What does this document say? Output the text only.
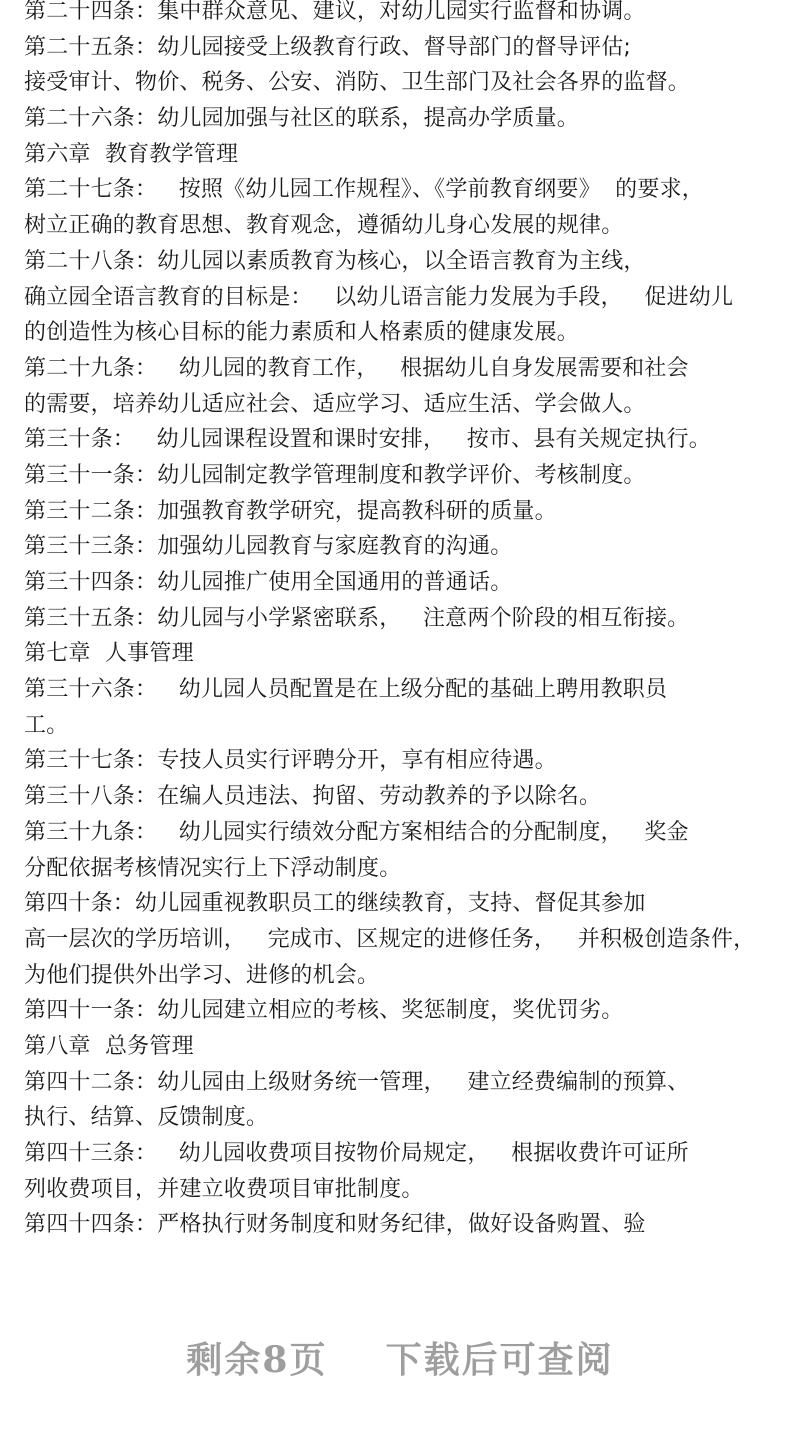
第二十四条：集中群众意见、建议，对幼儿园实行监督和协调。
第二十五条：幼儿园接受上级教育行政、督导部门的督导评估;
接受审计、物价、税务、公安、消防、卫生部门及社会各界的监督。
第二十六条：幼儿园加强与社区的联系，提高办学质量。
第六章  教育教学管理
第二十七条：   按照《幼儿园工作规程》、《学前教育纲要》  的要求，
树立正确的教育思想、教育观念，遵循幼儿身心发展的规律。
第二十八条：幼儿园以素质教育为核心，以全语言教育为主线，
确立园全语言教育的目标是：   以幼儿语言能力发展为手段，   促进幼儿
的创造性为核心目标的能力素质和人格素质的健康发展。
第二十九条：   幼儿园的教育工作，   根据幼儿自身发展需要和社会
的需要，培养幼儿适应社会、适应学习、适应生活、学会做人。
第三十条：   幼儿园课程设置和课时安排，   按市、县有关规定执行。
第三十一条：幼儿园制定教学管理制度和教学评价、考核制度。
第三十二条：加强教育教学研究，提高教科研的质量。
第三十三条：加强幼儿园教育与家庭教育的沟通。
第三十四条：幼儿园推广使用全国通用的普通话。
第三十五条：幼儿园与小学紧密联系，   注意两个阶段的相互衔接。
第七章  人事管理
第三十六条：   幼儿园人员配置是在上级分配的基础上聘用教职员
工。
第三十七条：专技人员实行评聘分开，享有相应待遇。
第三十八条：在编人员违法、拘留、劳动教养的予以除名。
第三十九条：   幼儿园实行绩效分配方案相结合的分配制度，   奖金
分配依据考核情况实行上下浮动制度。
第四十条：幼儿园重视教职员工的继续教育，支持、督促其参加
高一层次的学历培训，   完成市、区规定的进修任务，   并积极创造条件，
为他们提供外出学习、进修的机会。
第四十一条：幼儿园建立相应的考核、奖惩制度，奖优罚劣。
第八章  总务管理
第四十二条：幼儿园由上级财务统一管理，   建立经费编制的预算、
执行、结算、反馈制度。
第四十三条：   幼儿园收费项目按物价局规定，   根据收费许可证所
列收费项目，并建立收费项目审批制度。
第四十四条：严格执行财务制度和财务纪律，做好设备购置、验
剩余8页    下载后可查阅
